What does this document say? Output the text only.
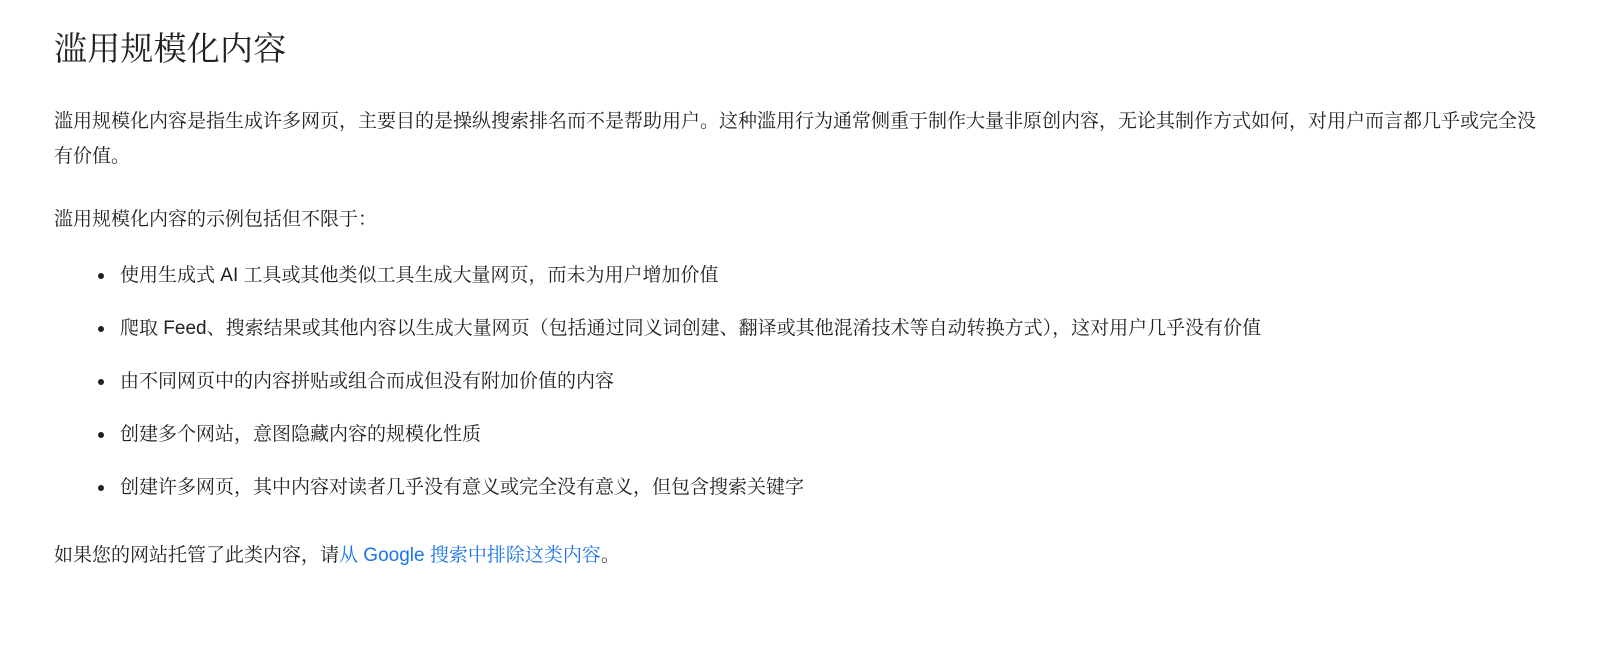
滥用规模化内容

滥用规模化内容是指生成许多网页，主要目的是操纵搜索排名而不是帮助用户。这种滥用行为通常侧重于制作大量非原创内容，无论其制作方式如何，对用户而言都几乎或完全没有价值。

滥用规模化内容的示例包括但不限于：

使用生成式 AI 工具或其他类似工具生成大量网页，而未为用户增加价值
爬取 Feed、搜索结果或其他内容以生成大量网页（包括通过同义词创建、翻译或其他混淆技术等自动转换方式），这对用户几乎没有价值
由不同网页中的内容拼贴或组合而成但没有附加价值的内容
创建多个网站，意图隐藏内容的规模化性质
创建许多网页，其中内容对读者几乎没有意义或完全没有意义，但包含搜索关键字

如果您的网站托管了此类内容，请从 Google 搜索中排除这类内容。
